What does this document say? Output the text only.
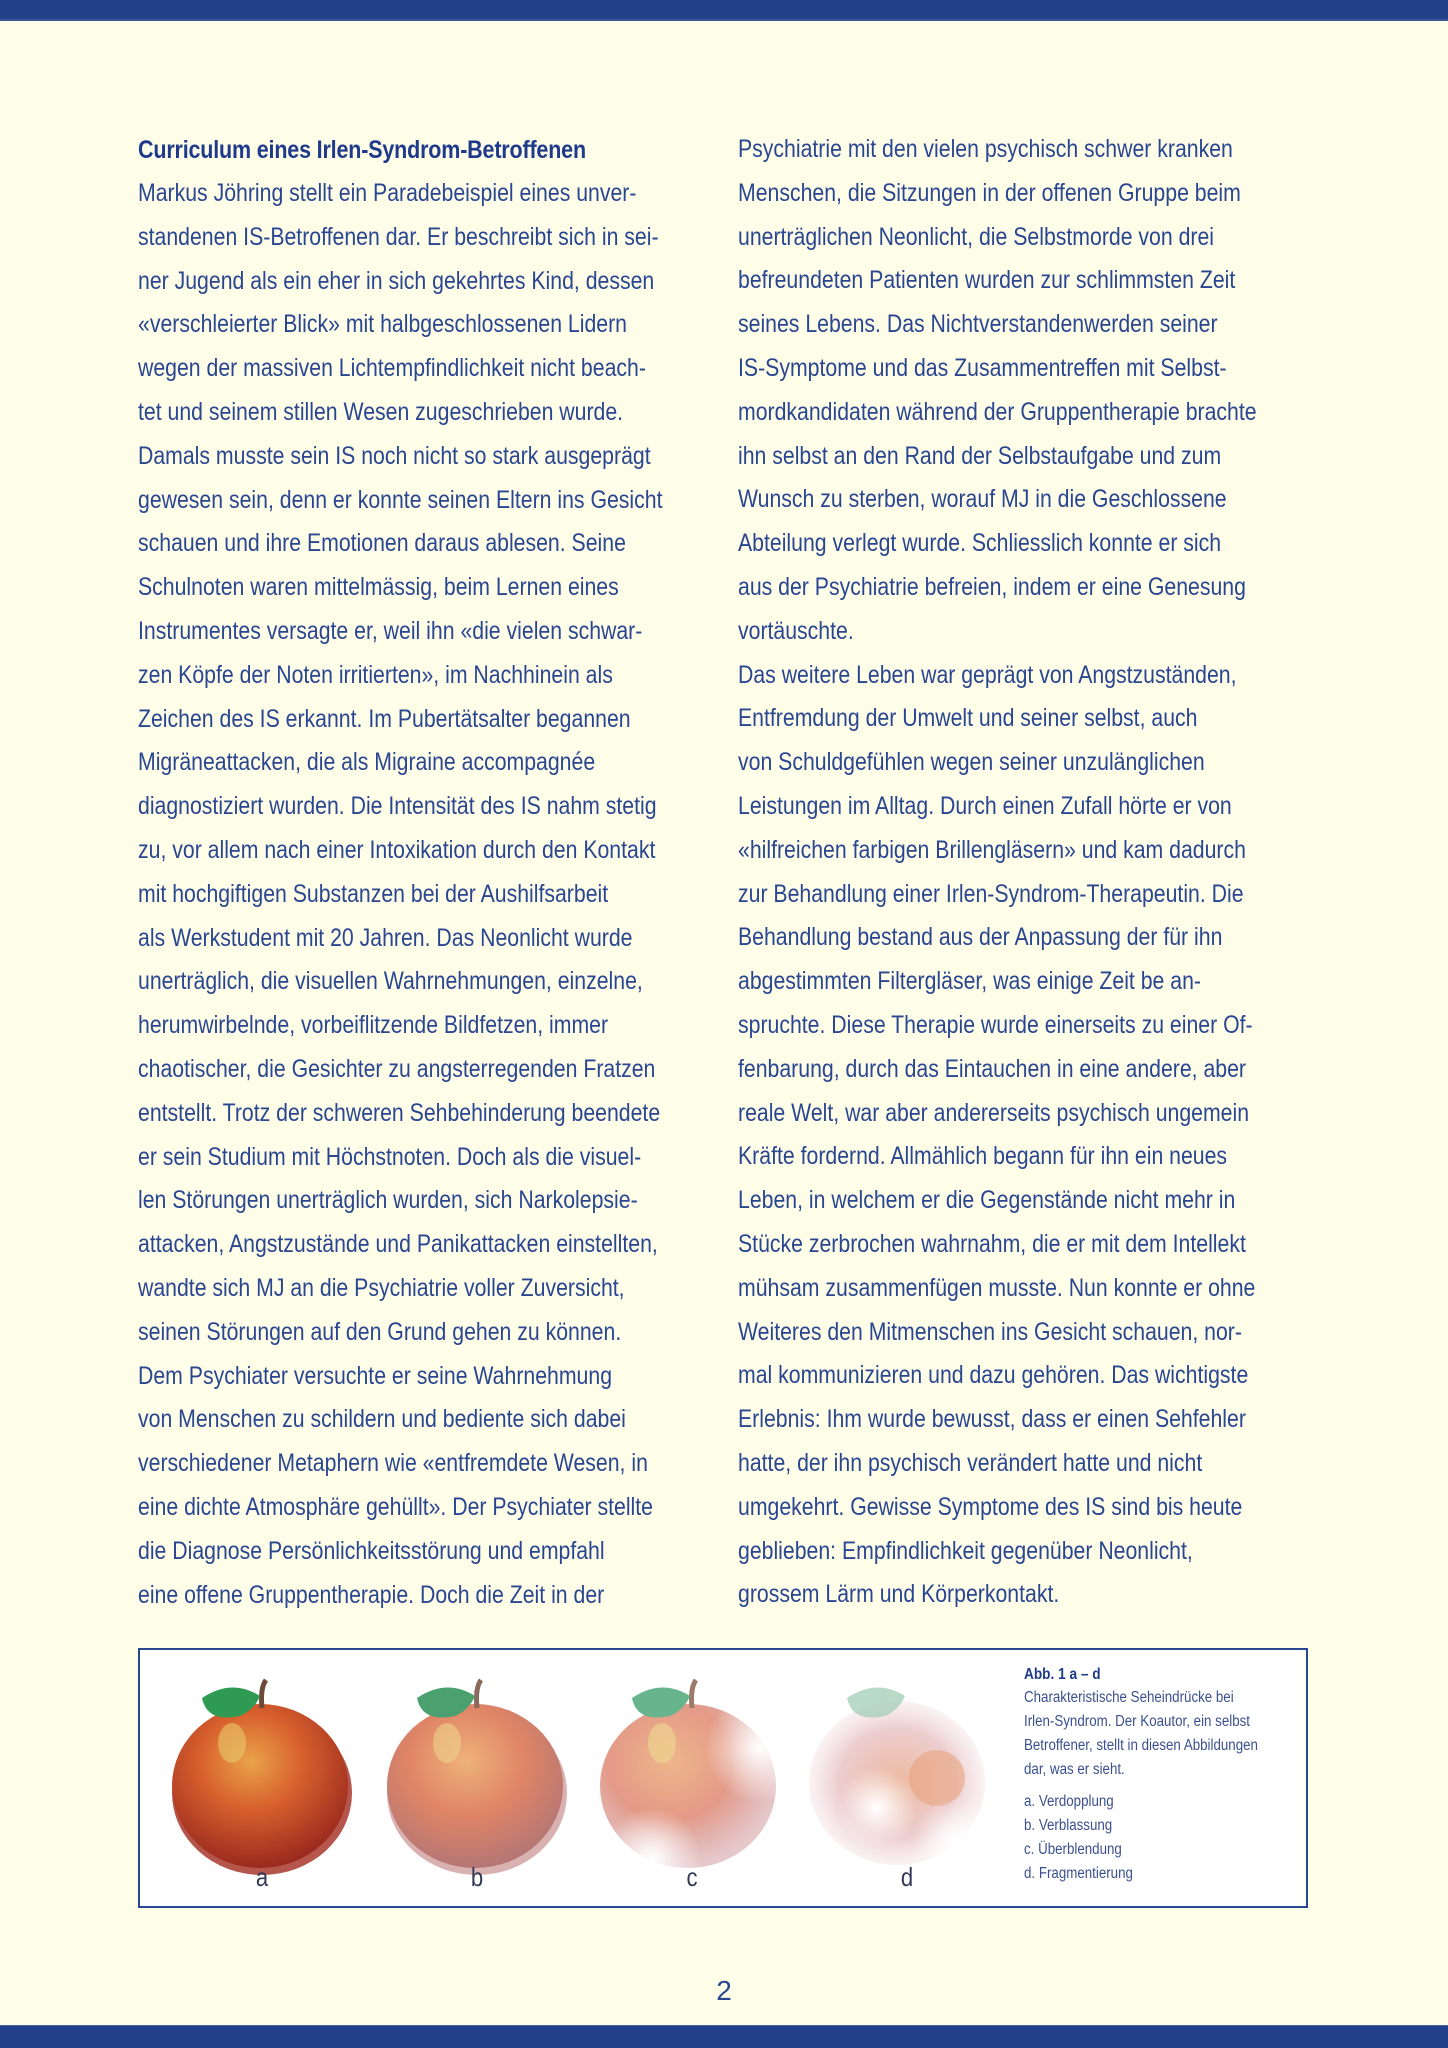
Curriculum eines Irlen-Syndrom-Betroffenen
Markus Jöhring stellt ein Paradebeispiel eines unver-
standenen IS-Betroffenen dar. Er beschreibt sich in sei-
ner Jugend als ein eher in sich gekehrtes Kind, dessen
«verschleierter Blick» mit halbgeschlossenen Lidern
wegen der massiven Lichtempfindlichkeit nicht beach-
tet und seinem stillen Wesen zugeschrieben wurde.
Damals musste sein IS noch nicht so stark ausgeprägt
gewesen sein, denn er konnte seinen Eltern ins Gesicht
schauen und ihre Emotionen daraus ablesen. Seine
Schulnoten waren mittelmässig, beim Lernen eines
Instrumentes versagte er, weil ihn «die vielen schwar-
zen Köpfe der Noten irritierten», im Nachhinein als
Zeichen des IS erkannt. Im Pubertätsalter begannen
Migräneattacken, die als Migraine accompagnée
diagnostiziert wurden. Die Intensität des IS nahm stetig
zu, vor allem nach einer Intoxikation durch den Kontakt
mit hochgiftigen Substanzen bei der Aushilfsarbeit
als Werkstudent mit 20 Jahren. Das Neonlicht wurde
unerträglich, die visuellen Wahrnehmungen, einzelne,
herumwirbelnde, vorbeiflitzende Bildfetzen, immer
chaotischer, die Gesichter zu angsterregenden Fratzen
entstellt. Trotz der schweren Sehbehinderung beendete
er sein Studium mit Höchstnoten. Doch als die visuel-
len Störungen unerträglich wurden, sich Narkolepsie-
attacken, Angstzustände und Panikattacken einstellten,
wandte sich MJ an die Psychiatrie voller Zuversicht,
seinen Störungen auf den Grund gehen zu können.
Dem Psychiater versuchte er seine Wahrnehmung
von Menschen zu schildern und bediente sich dabei
verschiedener Metaphern wie «entfremdete Wesen, in
eine dichte Atmosphäre gehüllt». Der Psychiater stellte
die Diagnose Persönlichkeitsstörung und empfahl
eine offene Gruppentherapie. Doch die Zeit in der
Psychiatrie mit den vielen psychisch schwer kranken
Menschen, die Sitzungen in der offenen Gruppe beim
unerträglichen Neonlicht, die Selbstmorde von drei
befreundeten Patienten wurden zur schlimmsten Zeit
seines Lebens. Das Nichtverstandenwerden seiner
IS-Symptome und das Zusammentreffen mit Selbst-
mordkandidaten während der Gruppentherapie brachte
ihn selbst an den Rand der Selbstaufgabe und zum
Wunsch zu sterben, worauf MJ in die Geschlossene
Abteilung verlegt wurde. Schliesslich konnte er sich
aus der Psychiatrie befreien, indem er eine Genesung
vortäuschte.
Das weitere Leben war geprägt von Angstzuständen,
Entfremdung der Umwelt und seiner selbst, auch
von Schuldgefühlen wegen seiner unzulänglichen
Leistungen im Alltag. Durch einen Zufall hörte er von
«hilfreichen farbigen Brillengläsern» und kam dadurch
zur Behandlung einer Irlen-Syndrom-Therapeutin. Die
Behandlung bestand aus der Anpassung der für ihn
abgestimmten Filtergläser, was einige Zeit be an-
spruchte. Diese Therapie wurde einerseits zu einer Of-
fenbarung, durch das Eintauchen in eine andere, aber
reale Welt, war aber andererseits psychisch ungemein
Kräfte fordernd. Allmählich begann für ihn ein neues
Leben, in welchem er die Gegenstände nicht mehr in
Stücke zerbrochen wahrnahm, die er mit dem Intellekt
mühsam zusammenfügen musste. Nun konnte er ohne
Weiteres den Mitmenschen ins Gesicht schauen, nor-
mal kommunizieren und dazu gehören. Das wichtigste
Erlebnis: Ihm wurde bewusst, dass er einen Sehfehler
hatte, der ihn psychisch verändert hatte und nicht
umgekehrt. Gewisse Symptome des IS sind bis heute
geblieben: Empfindlichkeit gegenüber Neonlicht,
grossem Lärm und Körperkontakt.
a	b	c	d
Abb. 1 a – d
Charakteristische Seheindrücke bei
Irlen-Syndrom. Der Koautor, ein selbst
Betroffener, stellt in diesen Abbildungen
dar, was er sieht.
a. Verdopplung
b. Verblassung
c. Überblendung
d. Fragmentierung
2
